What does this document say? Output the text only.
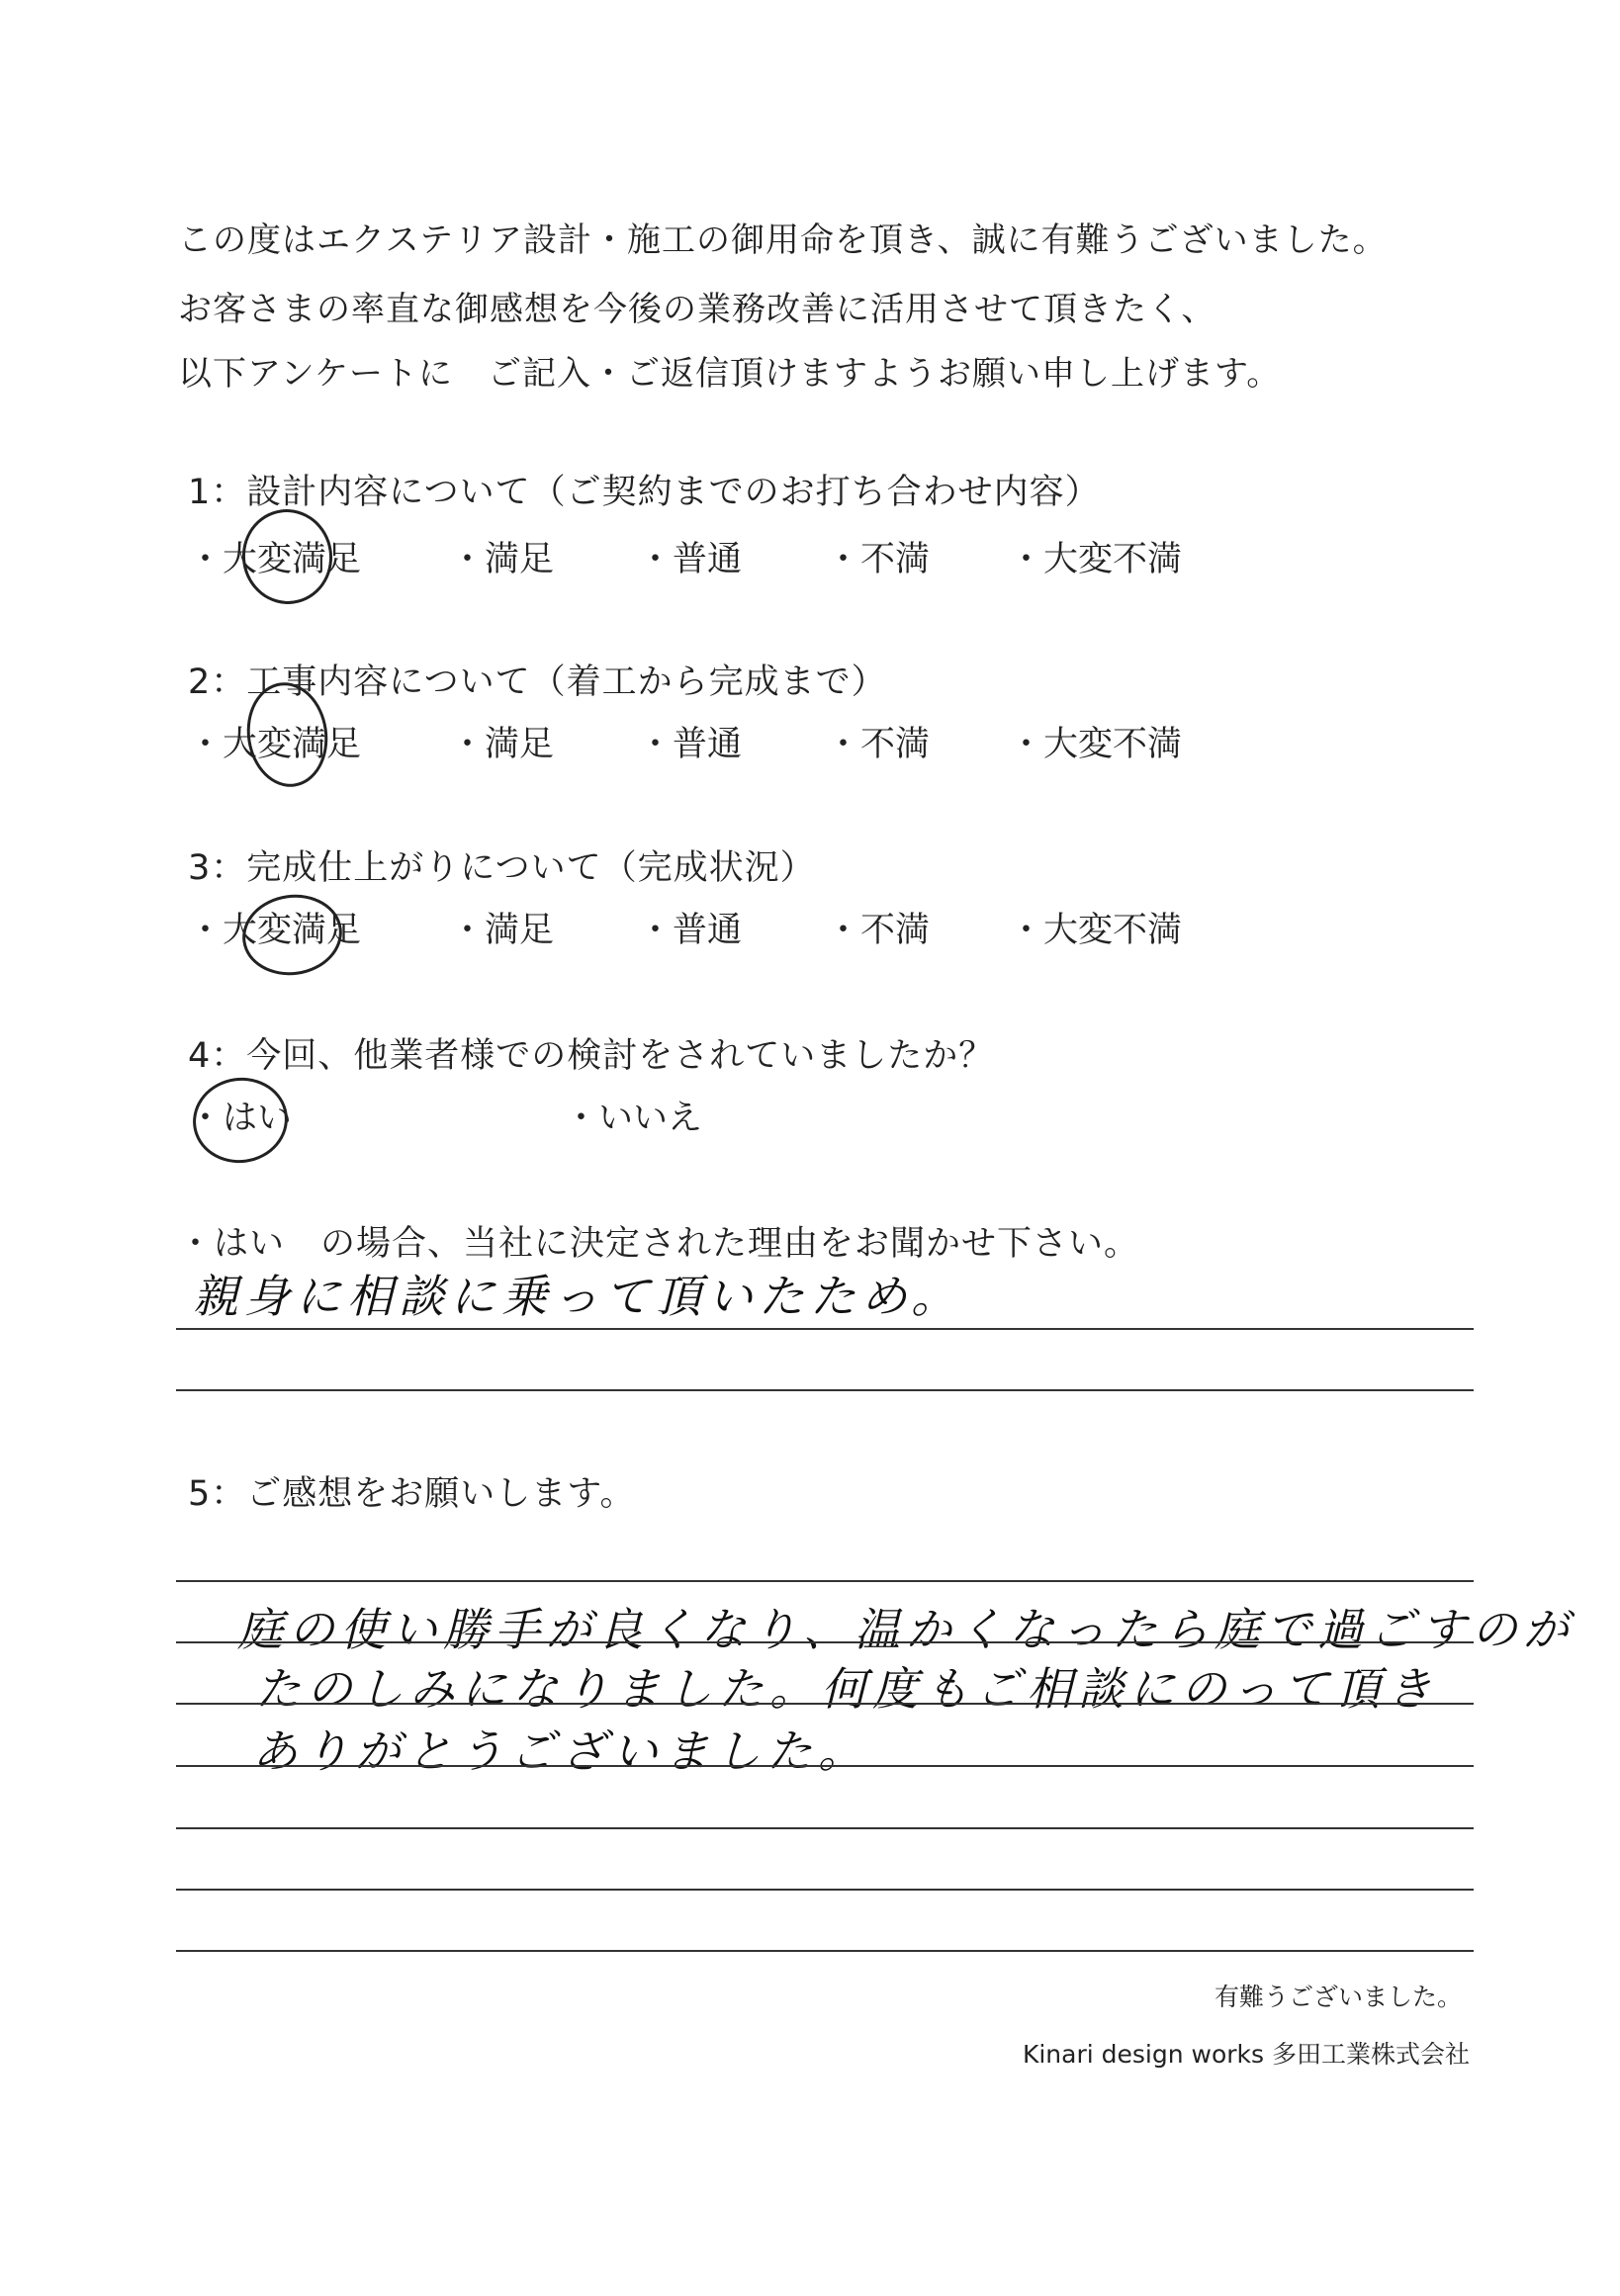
この度はエクステリア設計・施工の御用命を頂き、誠に有難うございました。
お客さまの率直な御感想を今後の業務改善に活用させて頂きたく、
以下アンケートに　ご記入・ご返信頂けますようお願い申し上げます。
1：設計内容について（ご契約までのお打ち合わせ内容）
・大変満足	・満足 ・普通 ・不満 ・大変不満
2：工事内容について（着工から完成まで）
・大変満足	・満足 ・普通 ・不満 ・大変不満
3：完成仕上がりについて（完成状況）
・大変満足	・満足 ・普通 ・不満 ・大変不満
4：今回、他業者様での検討をされていましたか？
・はい	・いいえ
・はい　の場合、当社に決定された理由をお聞かせ下さい。
親身に相談に乗って頂いたため。
5：ご感想をお願いします。
庭の使い勝手が良くなり、温かくなったら庭で過ごすのが
たのしみになりました。何度もご相談にのって頂き
ありがとうございました。
有難うございました。
Kinari design works 多田工業株式会社
